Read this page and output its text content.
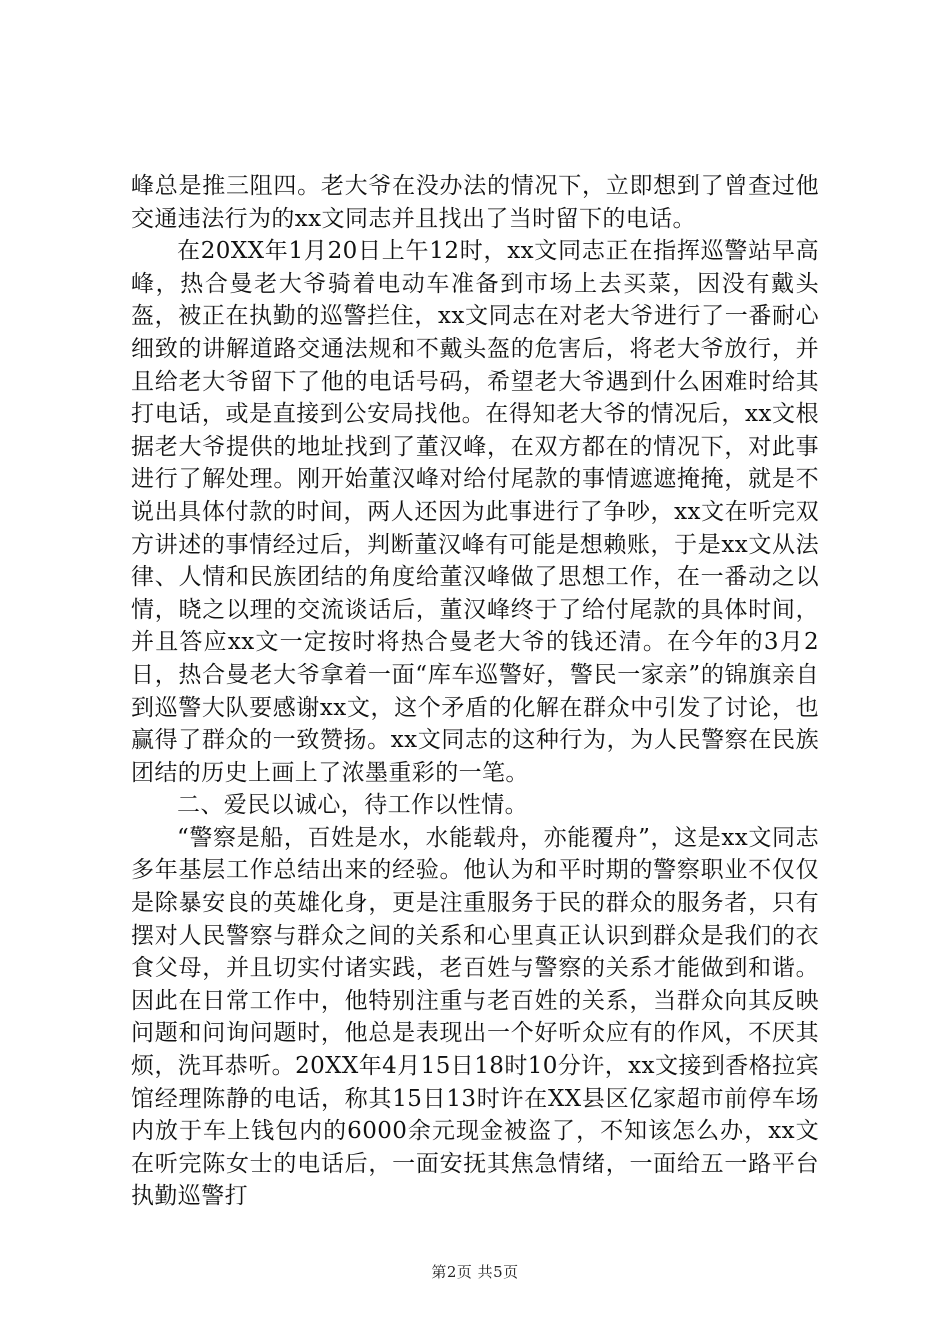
峰总是推三阻四。老大爷在没办法的情况下，立即想到了曾查过他交通违法行为的xx文同志并且找出了当时留下的电话。

在20XX年1月20日上午12时，xx文同志正在指挥巡警站早高峰，热合曼老大爷骑着电动车准备到市场上去买菜，因没有戴头盔，被正在执勤的巡警拦住，xx文同志在对老大爷进行了一番耐心细致的讲解道路交通法规和不戴头盔的危害后，将老大爷放行，并且给老大爷留下了他的电话号码，希望老大爷遇到什么困难时给其打电话，或是直接到公安局找他。在得知老大爷的情况后，xx文根据老大爷提供的地址找到了董汉峰，在双方都在的情况下，对此事进行了解处理。刚开始董汉峰对给付尾款的事情遮遮掩掩，就是不说出具体付款的时间，两人还因为此事进行了争吵，xx文在听完双方讲述的事情经过后，判断董汉峰有可能是想赖账，于是xx文从法律、人情和民族团结的角度给董汉峰做了思想工作，在一番动之以情，晓之以理的交流谈话后，董汉峰终于了给付尾款的具体时间，并且答应xx文一定按时将热合曼老大爷的钱还清。在今年的3月2日，热合曼老大爷拿着一面“库车巡警好，警民一家亲”的锦旗亲自到巡警大队要感谢xx文，这个矛盾的化解在群众中引发了讨论，也赢得了群众的一致赞扬。xx文同志的这种行为，为人民警察在民族团结的历史上画上了浓墨重彩的一笔。

二、爱民以诚心，待工作以性情。

“警察是船，百姓是水，水能载舟，亦能覆舟”，这是xx文同志多年基层工作总结出来的经验。他认为和平时期的警察职业不仅仅是除暴安良的英雄化身，更是注重服务于民的群众的服务者，只有摆对人民警察与群众之间的关系和心里真正认识到群众是我们的衣食父母，并且切实付诸实践，老百姓与警察的关系才能做到和谐。因此在日常工作中，他特别注重与老百姓的关系，当群众向其反映问题和问询问题时，他总是表现出一个好听众应有的作风，不厌其烦，洗耳恭听。20XX年4月15日18时10分许，xx文接到香格拉宾馆经理陈静的电话，称其15日13时许在XX县区亿家超市前停车场内放于车上钱包内的6000余元现金被盗了，不知该怎么办，xx文在听完陈女士的电话后，一面安抚其焦急情绪，一面给五一路平台执勤巡警打

第2页 共5页
